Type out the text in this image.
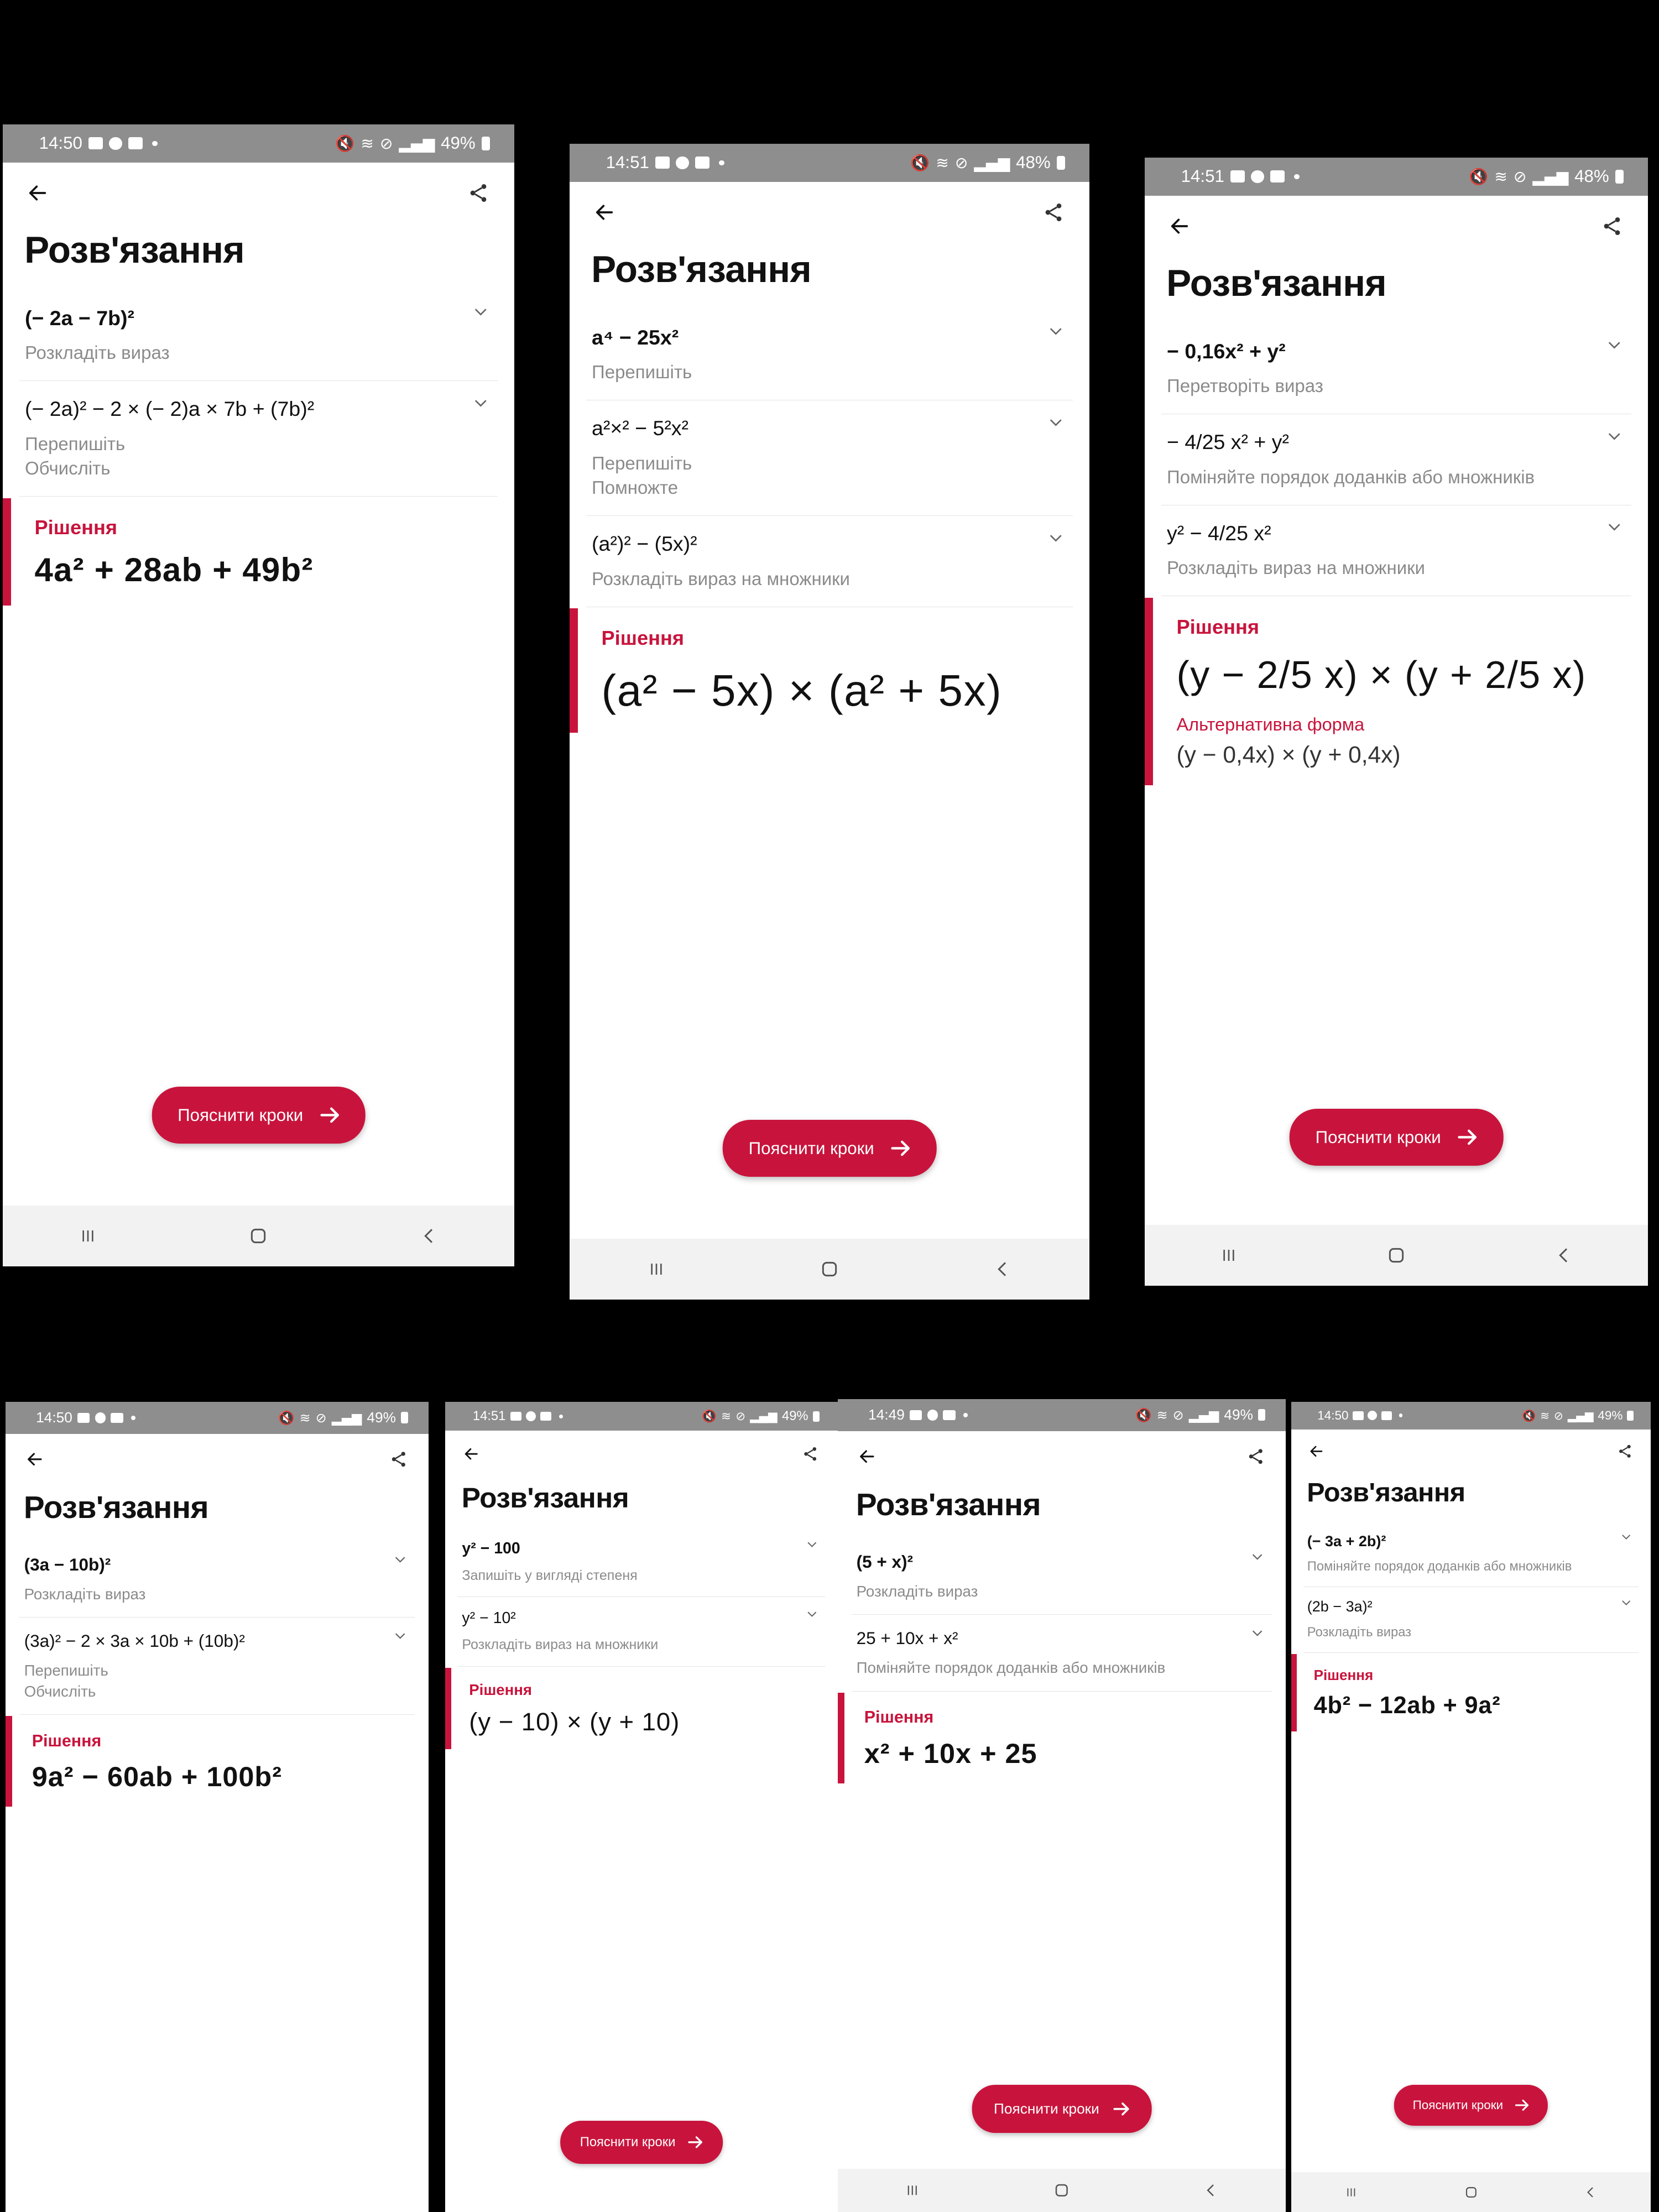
14:50	🔇 ≋ ⊘ ▂▄▆ 49%
Розв'язання
(− 2a − 7b)²
Розкладіть вираз
(− 2a)² − 2 × (− 2)a × 7b + (7b)²
Перепишіть
Обчисліть
Рішення
4a² + 28ab + 49b²
Пояснити кроки
14:51	🔇 ≋ ⊘ ▂▄▆ 48%
Розв'язання
a⁴ − 25x²
Перепишіть
a²×² − 5²x²
Перепишіть
Помножте
(a²)² − (5x)²
Розкладіть вираз на множники
Рішення
(a² − 5x) × (a² + 5x)
Пояснити кроки
14:51	🔇 ≋ ⊘ ▂▄▆ 48%
Розв'язання
− 0,16x² + y²
Перетворіть вираз
− 4/25 x² + y²
Поміняйте порядок доданків або множників
y² − 4/25 x²
Розкладіть вираз на множники
Рішення
(y − 2/5 x) × (y + 2/5 x)
Альтернативна форма
(y − 0,4x) × (y + 0,4x)
Пояснити кроки
14:50	🔇 ≋ ⊘ ▂▄▆ 49%
Розв'язання
(3a − 10b)²
Розкладіть вираз
(3a)² − 2 × 3a × 10b + (10b)²
Перепишіть
Обчисліть
Рішення
9a² − 60ab + 100b²
14:51	🔇 ≋ ⊘ ▂▄▆ 49%
Розв'язання
y² − 100
Запишіть у вигляді степеня
y² − 10²
Розкладіть вираз на множники
Рішення
(y − 10) × (y + 10)
Пояснити кроки
14:49	🔇 ≋ ⊘ ▂▄▆ 49%
Розв'язання
(5 + x)²
Розкладіть вираз
25 + 10x + x²
Поміняйте порядок доданків або множників
Рішення
x² + 10x + 25
Пояснити кроки
14:50	🔇 ≋ ⊘ ▂▄▆ 49%
Розв'язання
(− 3a + 2b)²
Поміняйте порядок доданків або множників
(2b − 3a)²
Розкладіть вираз
Рішення
4b² − 12ab + 9a²
Пояснити кроки
